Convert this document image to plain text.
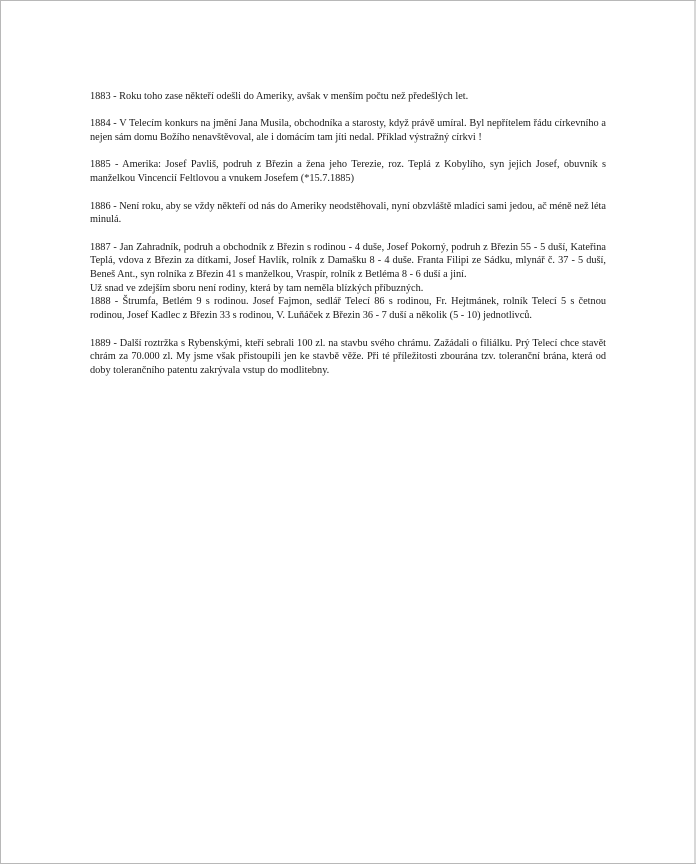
1883 - Roku toho zase někteří odešli do Ameriky, avšak v menším počtu než předešlých let.

1884 - V Telecím konkurs na jmění Jana Musila, obchodníka a starosty, když právě umíral. Byl nepřítelem řádu církevního a nejen sám domu Božího nenavštěvoval, ale i domácím tam jíti nedal. Příklad výstražný církvi !

1885 - Amerika: Josef Pavliš, podruh z Březin a žena jeho Terezie, roz. Teplá z Kobylího, syn jejich Josef, obuvník s manželkou Vincencií Feltlovou a vnukem Josefem (*15.7.1885)

1886 - Není roku, aby se vždy někteří od nás do Ameriky neodstěhovali, nyní obzvláště mladíci sami jedou, ač méně než léta minulá.

1887 - Jan Zahradník, podruh a obchodník z Březin s rodinou - 4 duše, Josef Pokorný, podruh z Březin 55 - 5 duší, Kateřina Teplá, vdova z Březin za dítkami, Josef Havlík, rolník z Damašku 8 - 4 duše. Franta Filipi ze Sádku, mlynář č. 37 - 5 duší, Beneš Ant., syn rolníka z Březin 41 s manželkou, Vraspír, rolník z Betléma 8 - 6 duší a jiní.

Už snad ve zdejším sboru není rodiny, která by tam neměla blízkých příbuzných.

1888 - Štrumfa, Betlém 9 s rodinou. Josef Fajmon, sedlář Telecí 86 s rodinou, Fr. Hejtmánek, rolník Telecí 5 s četnou rodinou, Josef Kadlec z Březin 33 s rodinou, V. Luňáček z Březin 36 - 7 duší a několik (5 - 10) jednotlivců.

1889 - Další roztržka s Rybenskými, kteří sebrali 100 zl. na stavbu svého chrámu. Zažádali o filiálku. Prý Telecí chce stavět chrám za 70.000 zl. My jsme však přistoupili jen ke stavbě věže. Při té příležitosti zbourána tzv. toleranční brána, která od doby tolerančního patentu zakrývala vstup do modlitebny.
